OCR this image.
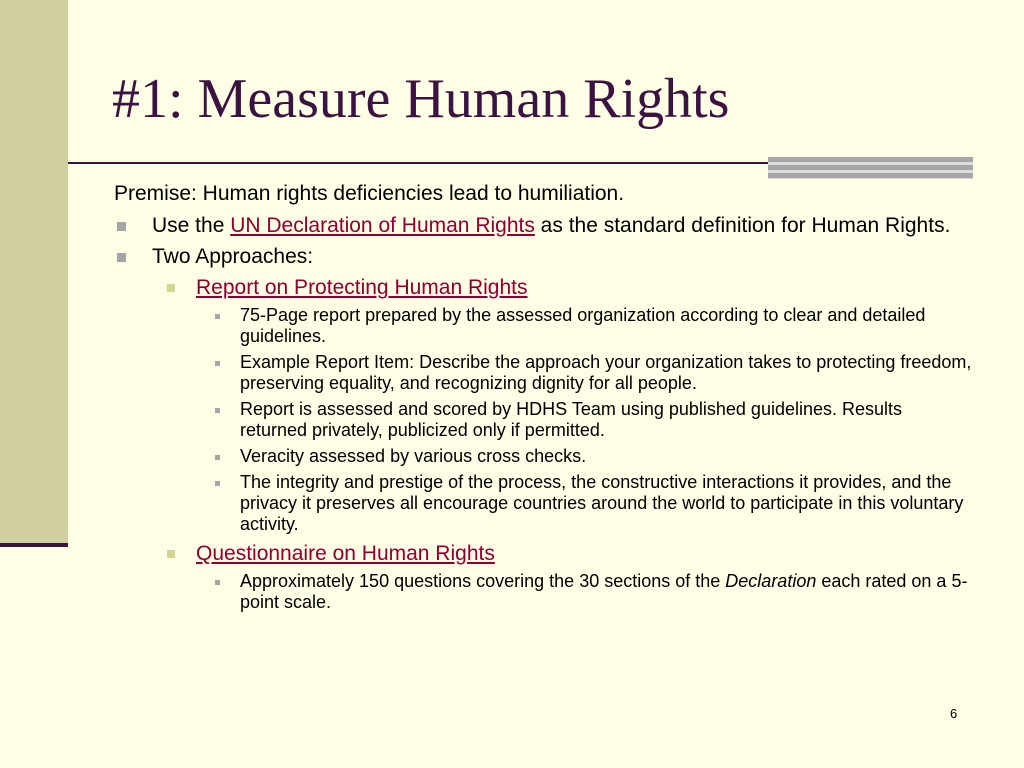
#1: Measure Human Rights
Premise: Human rights deficiencies lead to humiliation.
Use the UN Declaration of Human Rights as the standard definition for Human Rights.
Two Approaches:
Report on Protecting Human Rights
75-Page report prepared by the assessed organization according to clear and detailed guidelines.
Example Report Item: Describe the approach your organization takes to protecting freedom, preserving equality, and recognizing dignity for all people.
Report is assessed and scored by HDHS Team using published guidelines. Results returned privately, publicized only if permitted.
Veracity assessed by various cross checks.
The integrity and prestige of the process, the constructive interactions it provides, and the privacy it preserves all encourage countries around the world to participate in this voluntary activity.
Questionnaire on Human Rights
Approximately 150 questions covering the 30 sections of the Declaration each rated on a 5-point scale.
6
